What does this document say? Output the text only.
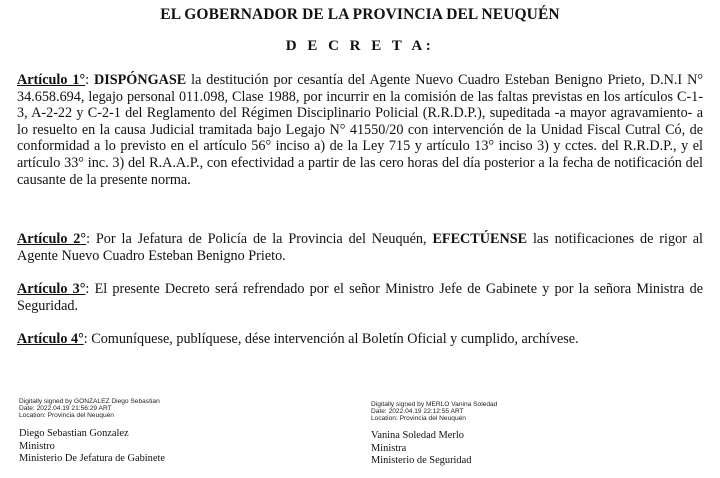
EL GOBERNADOR DE LA PROVINCIA DEL NEUQUÉN
D E C R E T A:
Artículo 1°: DISPÓNGASE la destitución por cesantía del Agente Nuevo Cuadro Esteban Benigno Prieto, D.N.I N° 34.658.694, legajo personal 011.098, Clase 1988, por incurrir en la comisión de las faltas previstas en los artículos C-1-3, A-2-22 y C-2-1 del Reglamento del Régimen Disciplinario Policial (R.R.D.P.), supeditada -a mayor agravamiento- a lo resuelto en la causa Judicial tramitada bajo Legajo N° 41550/20 con intervención de la Unidad Fiscal Cutral Có, de conformidad a lo previsto en el artículo 56° inciso a) de la Ley 715 y artículo 13° inciso 3) y cctes. del R.R.D.P., y el artículo 33° inc. 3) del R.A.A.P., con efectividad a partir de las cero horas del día posterior a la fecha de notificación del causante de la presente norma.
Artículo 2°: Por la Jefatura de Policía de la Provincia del Neuquén, EFECTÚENSE las notificaciones de rigor al Agente Nuevo Cuadro Esteban Benigno Prieto.
Artículo 3°: El presente Decreto será refrendado por el señor Ministro Jefe de Gabinete y por la señora Ministra de Seguridad.
Artículo 4°: Comuníquese, publíquese, dése intervención al Boletín Oficial y cumplido, archívese.
Digitally signed by GONZALEZ Diego Sebastian
Date: 2022.04.19 21:56:29 ART
Location: Provincia del Neuquén
Diego Sebastian Gonzalez
Ministro
Ministerio De Jefatura de Gabinete
Digitally signed by MERLO Vanina Soledad
Date: 2022.04.19 22:12:55 ART
Location: Provincia del Neuquén
Vanina Soledad Merlo
Ministra
Ministerio de Seguridad
